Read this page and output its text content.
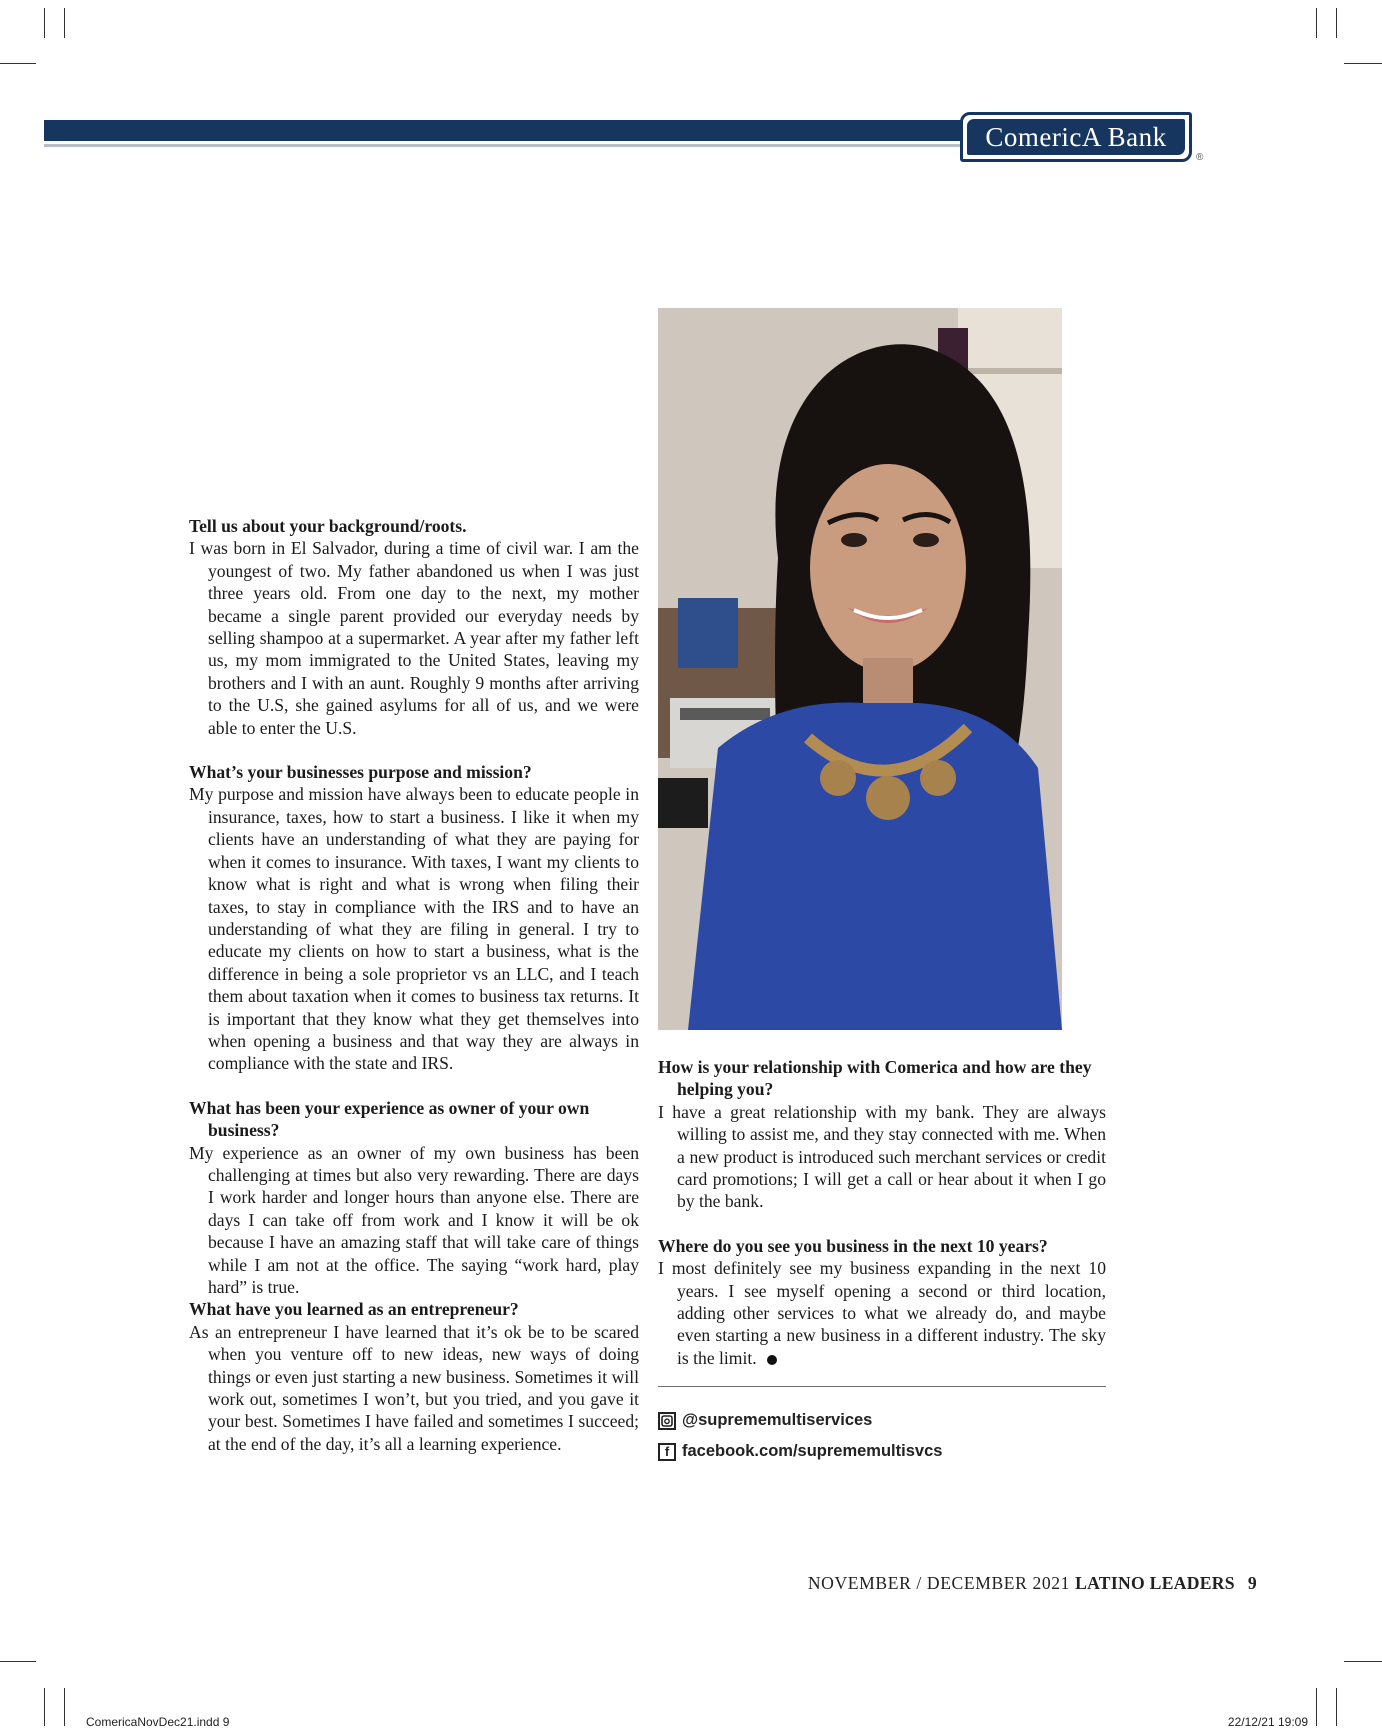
ComericA Bank
®

Tell us about your background/roots.

I was born in El Salvador, during a time of civil war. I am the youngest of two. My father abandoned us when I was just three years old. From one day to the next, my mother became a single parent provided our everyday needs by selling shampoo at a supermarket. A year after my father left us, my mom immigrated to the United States, leaving my brothers and I with an aunt. Roughly 9 months after arriving to the U.S, she gained asylums for all of us, and we were able to enter the U.S.

What’s your businesses purpose and mission?

My purpose and mission have always been to educate people in insurance, taxes, how to start a business. I like it when my clients have an understanding of what they are paying for when it comes to insurance. With taxes, I want my clients to know what is right and what is wrong when filing their taxes, to stay in compliance with the IRS and to have an understanding of what they are filing in general. I try to educate my clients on how to start a business, what is the difference in being a sole proprietor vs an LLC, and I teach them about taxation when it comes to business tax returns. It is important that they know what they get themselves into when opening a business and that way they are always in compliance with the state and IRS.

What has been your experience as owner of your own business?

My experience as an owner of my own business has been challenging at times but also very rewarding. There are days I work harder and longer hours than anyone else. There are days I can take off from work and I know it will be ok because I have an amazing staff that will take care of things while I am not at the office. The saying “work hard, play hard” is true.

What have you learned as an entrepreneur?

As an entrepreneur I have learned that it’s ok be to be scared when you venture off to new ideas, new ways of doing things or even just starting a new business. Sometimes it will work out, sometimes I won’t, but you tried, and you gave it your best. Sometimes I have failed and sometimes I succeed; at the end of the day, it’s all a learning experience.

How is your relationship with Comerica and how are they helping you?

I have a great relationship with my bank. They are always willing to assist me, and they stay connected with me. When a new product is introduced such merchant services or credit card promotions; I will get a call or hear about it when I go by the bank.

Where do you see you business in the next 10 years?

I most definitely see my business expanding in the next 10 years. I see myself opening a second or third location, adding other services to what we already do, and maybe even starting a new business in a different industry. The sky is the limit.

@suprememultiservices
f facebook.com/suprememultisvcs
NOVEMBER / DECEMBER 2021 LATINO LEADERS 9
ComericaNovDec21.indd 9	22/12/21 19:09
